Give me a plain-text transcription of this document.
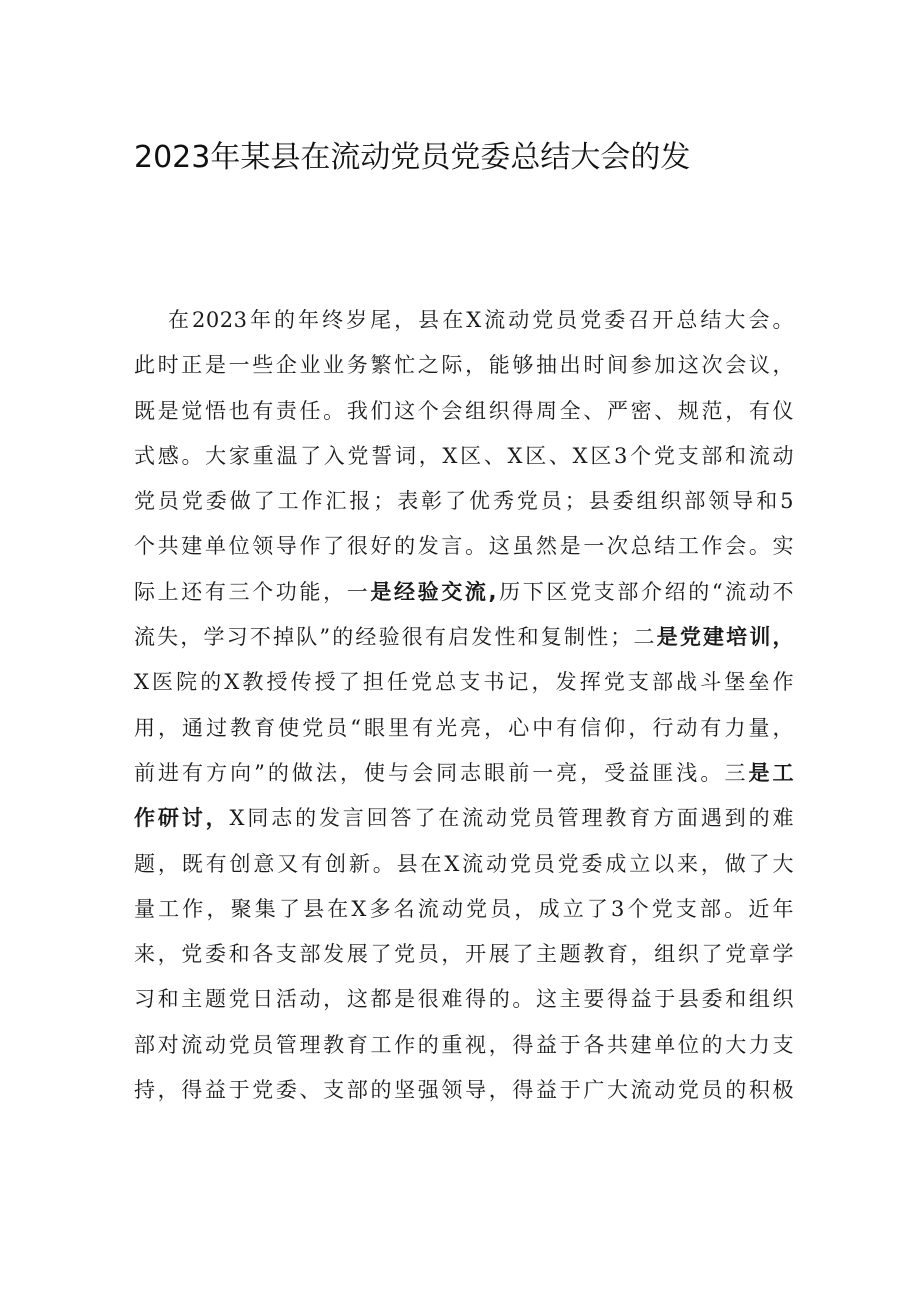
2023年某县在流动党员党委总结大会的发
在2023年的年终岁尾，县在X流动党员党委召开总结大会。
此时正是一些企业业务繁忙之际，能够抽出时间参加这次会议，
既是觉悟也有责任。我们这个会组织得周全、严密、规范，有仪
式感。大家重温了入党誓词，X区、X区、X区3个党支部和流动
党员党委做了工作汇报；表彰了优秀党员；县委组织部领导和5
个共建单位领导作了很好的发言。这虽然是一次总结工作会。实
际上还有三个功能，一是经验交流,历下区党支部介绍的“流动不
流失，学习不掉队”的经验很有启发性和复制性；二是党建培训，
X医院的X教授传授了担任党总支书记，发挥党支部战斗堡垒作
用，通过教育使党员“眼里有光亮，心中有信仰，行动有力量，
前进有方向”的做法，使与会同志眼前一亮，受益匪浅。三是工
作研讨，X同志的发言回答了在流动党员管理教育方面遇到的难
题，既有创意又有创新。县在X流动党员党委成立以来，做了大
量工作，聚集了县在X多名流动党员，成立了3个党支部。近年
来，党委和各支部发展了党员，开展了主题教育，组织了党章学
习和主题党日活动，这都是很难得的。这主要得益于县委和组织
部对流动党员管理教育工作的重视，得益于各共建单位的大力支
持，得益于党委、支部的坚强领导，得益于广大流动党员的积极
